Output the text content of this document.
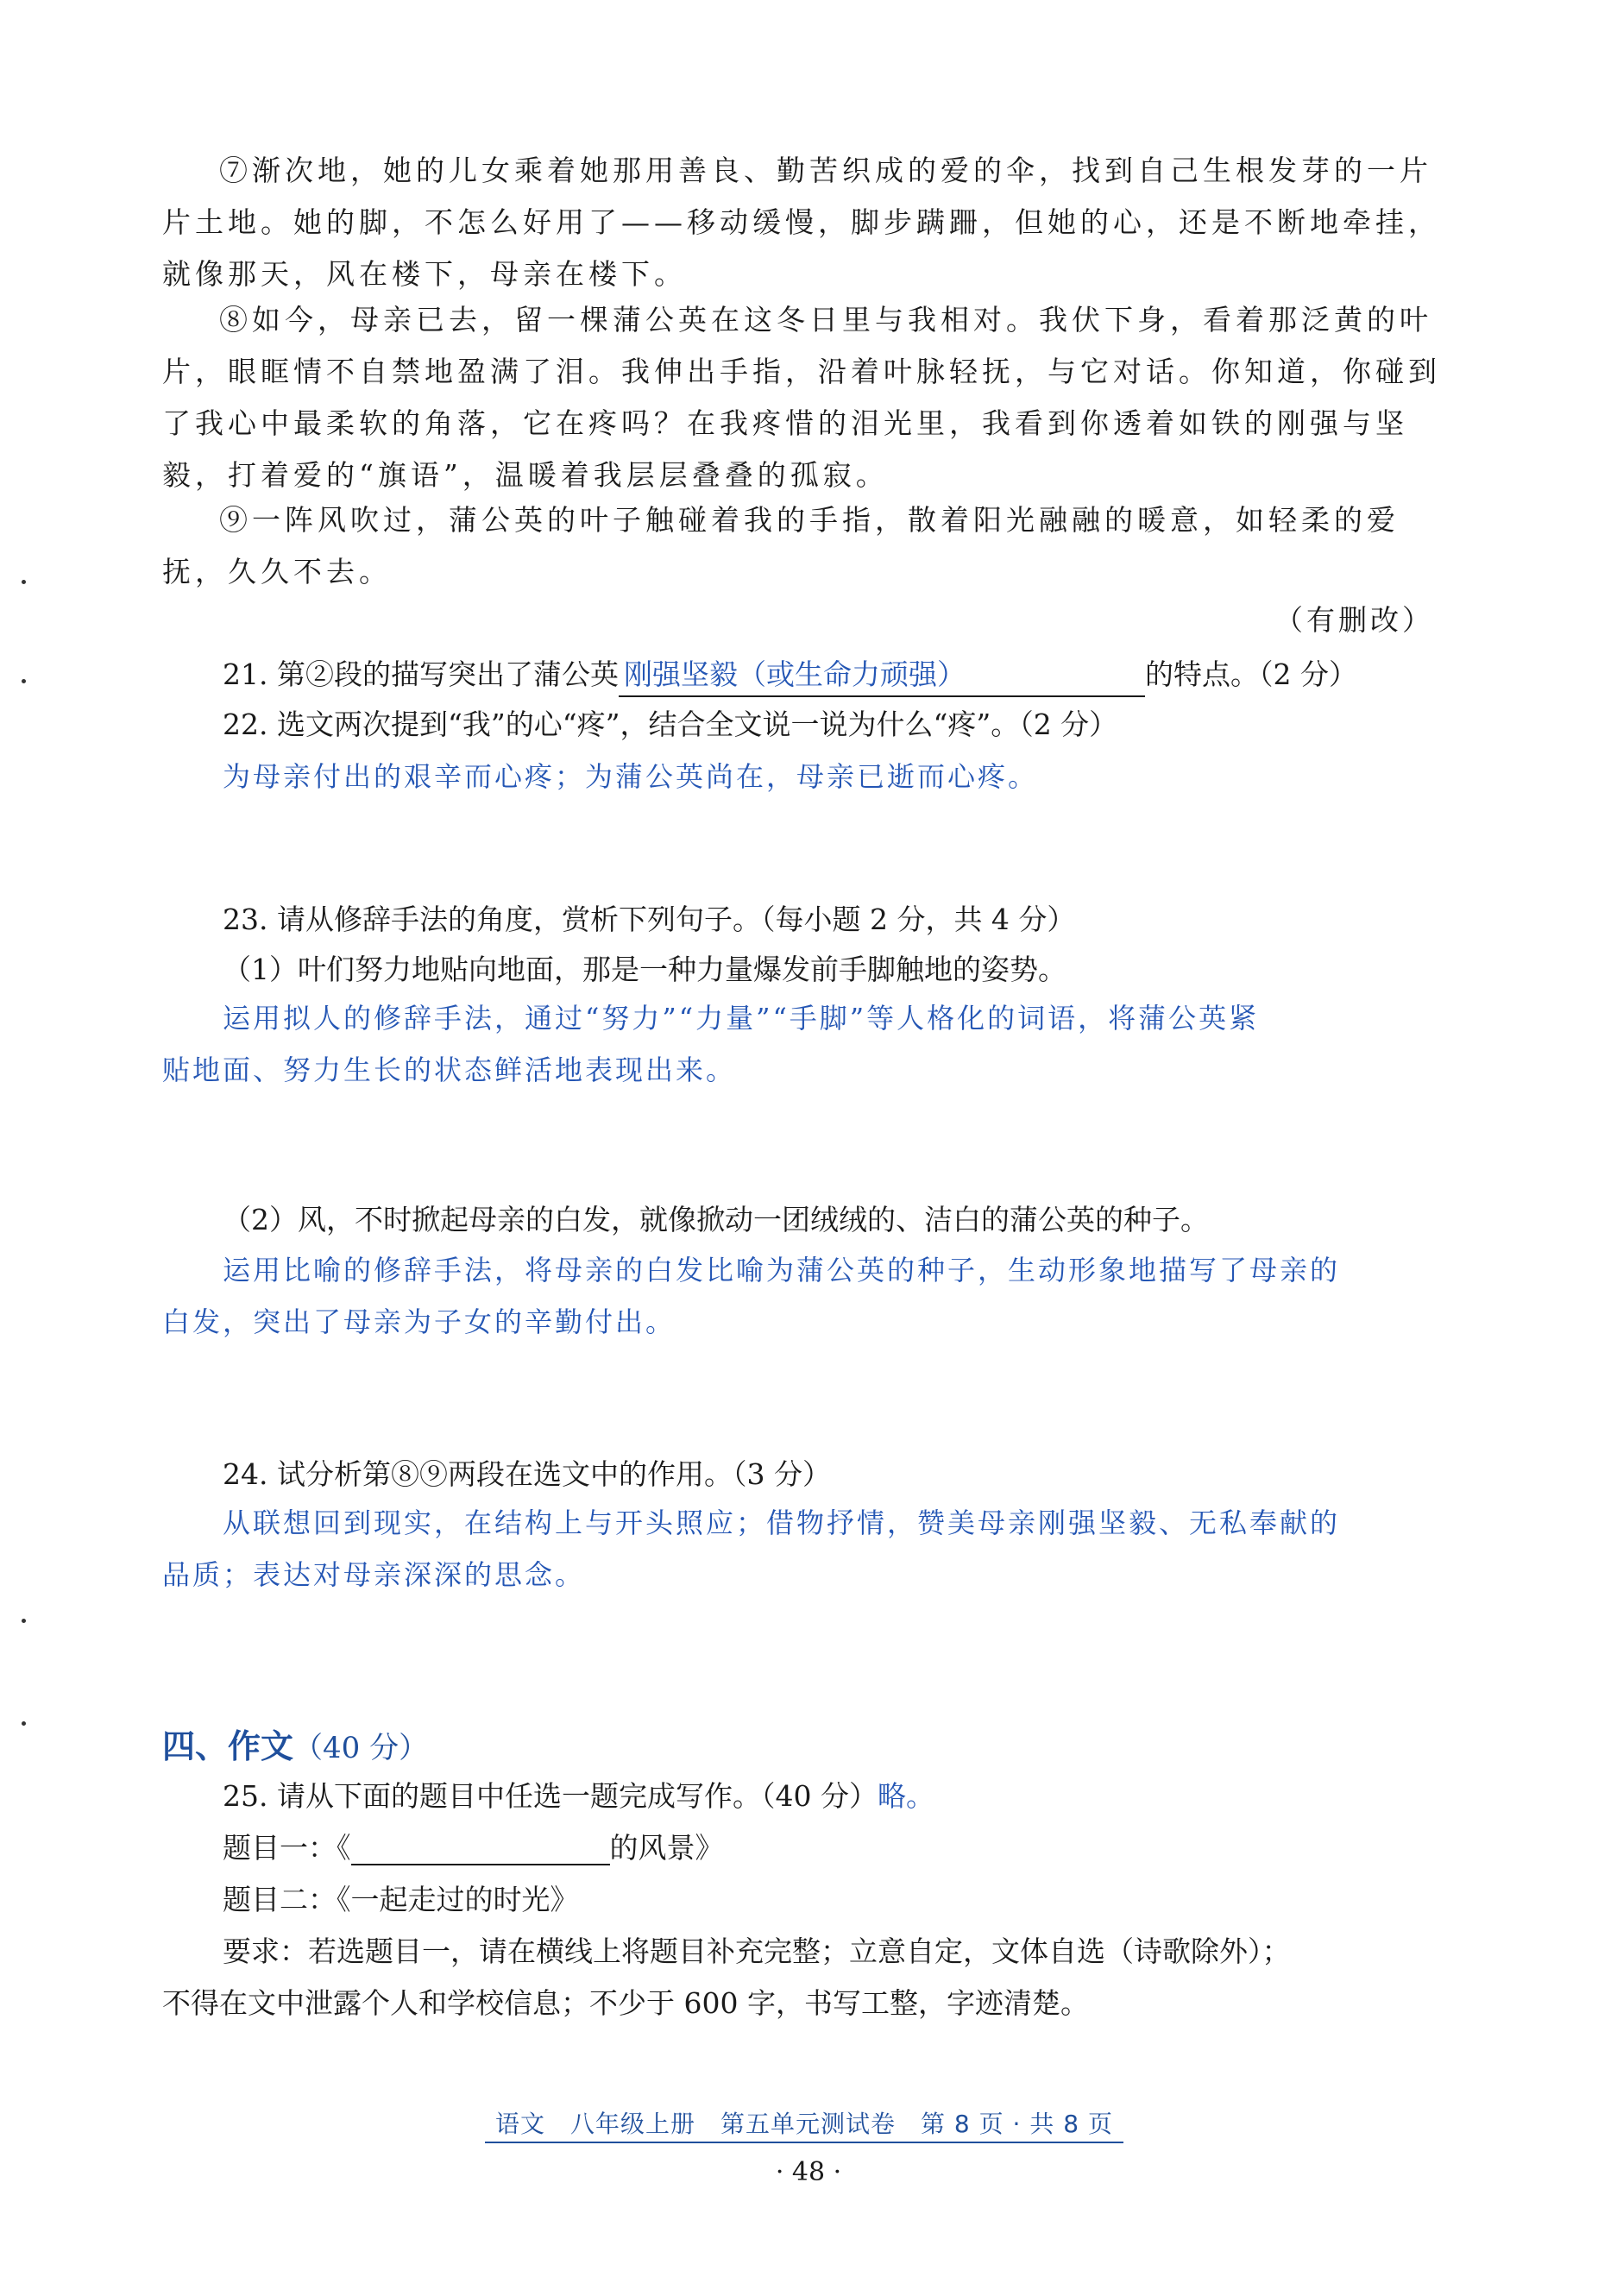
⑦渐次地，她的儿女乘着她那用善良、勤苦织成的爱的伞，找到自己生根发芽的一片
片土地。她的脚，不怎么好用了——移动缓慢，脚步蹒跚，但她的心，还是不断地牵挂，
就像那天，风在楼下，母亲在楼下。
⑧如今，母亲已去，留一棵蒲公英在这冬日里与我相对。我伏下身，看着那泛黄的叶
片，眼眶情不自禁地盈满了泪。我伸出手指，沿着叶脉轻抚，与它对话。你知道，你碰到
了我心中最柔软的角落，它在疼吗？在我疼惜的泪光里，我看到你透着如铁的刚强与坚
毅，打着爱的“旗语”，温暖着我层层叠叠的孤寂。
⑨一阵风吹过，蒲公英的叶子触碰着我的手指，散着阳光融融的暖意，如轻柔的爱
抚，久久不去。
（有删改）
21. 第②段的描写突出了蒲公英 刚强坚毅（或生命力顽强）	的特点。（2 分）
22. 选文两次提到“我”的心“疼”，结合全文说一说为什么“疼”。（2 分）
为母亲付出的艰辛而心疼；为蒲公英尚在，母亲已逝而心疼。
23. 请从修辞手法的角度，赏析下列句子。（每小题 2 分，共 4 分）
（1）叶们努力地贴向地面，那是一种力量爆发前手脚触地的姿势。
运用拟人的修辞手法，通过“努力”“力量”“手脚”等人格化的词语，将蒲公英紧
贴地面、努力生长的状态鲜活地表现出来。
（2）风，不时掀起母亲的白发，就像掀动一团绒绒的、洁白的蒲公英的种子。
运用比喻的修辞手法，将母亲的白发比喻为蒲公英的种子，生动形象地描写了母亲的
白发，突出了母亲为子女的辛勤付出。
24. 试分析第⑧⑨两段在选文中的作用。（3 分）
从联想回到现实，在结构上与开头照应；借物抒情，赞美母亲刚强坚毅、无私奉献的
品质；表达对母亲深深的思念。
四、作文（40 分）
25. 请从下面的题目中任选一题完成写作。（40 分）略。
题目一：《	的风景》
题目二：《一起走过的时光》
要求：若选题目一，请在横线上将题目补充完整；立意自定，文体自选（诗歌除外）；
不得在文中泄露个人和学校信息；不少于 600 字，书写工整，字迹清楚。
语文　八年级上册　第五单元测试卷　第 8 页 · 共 8 页
· 48 ·
